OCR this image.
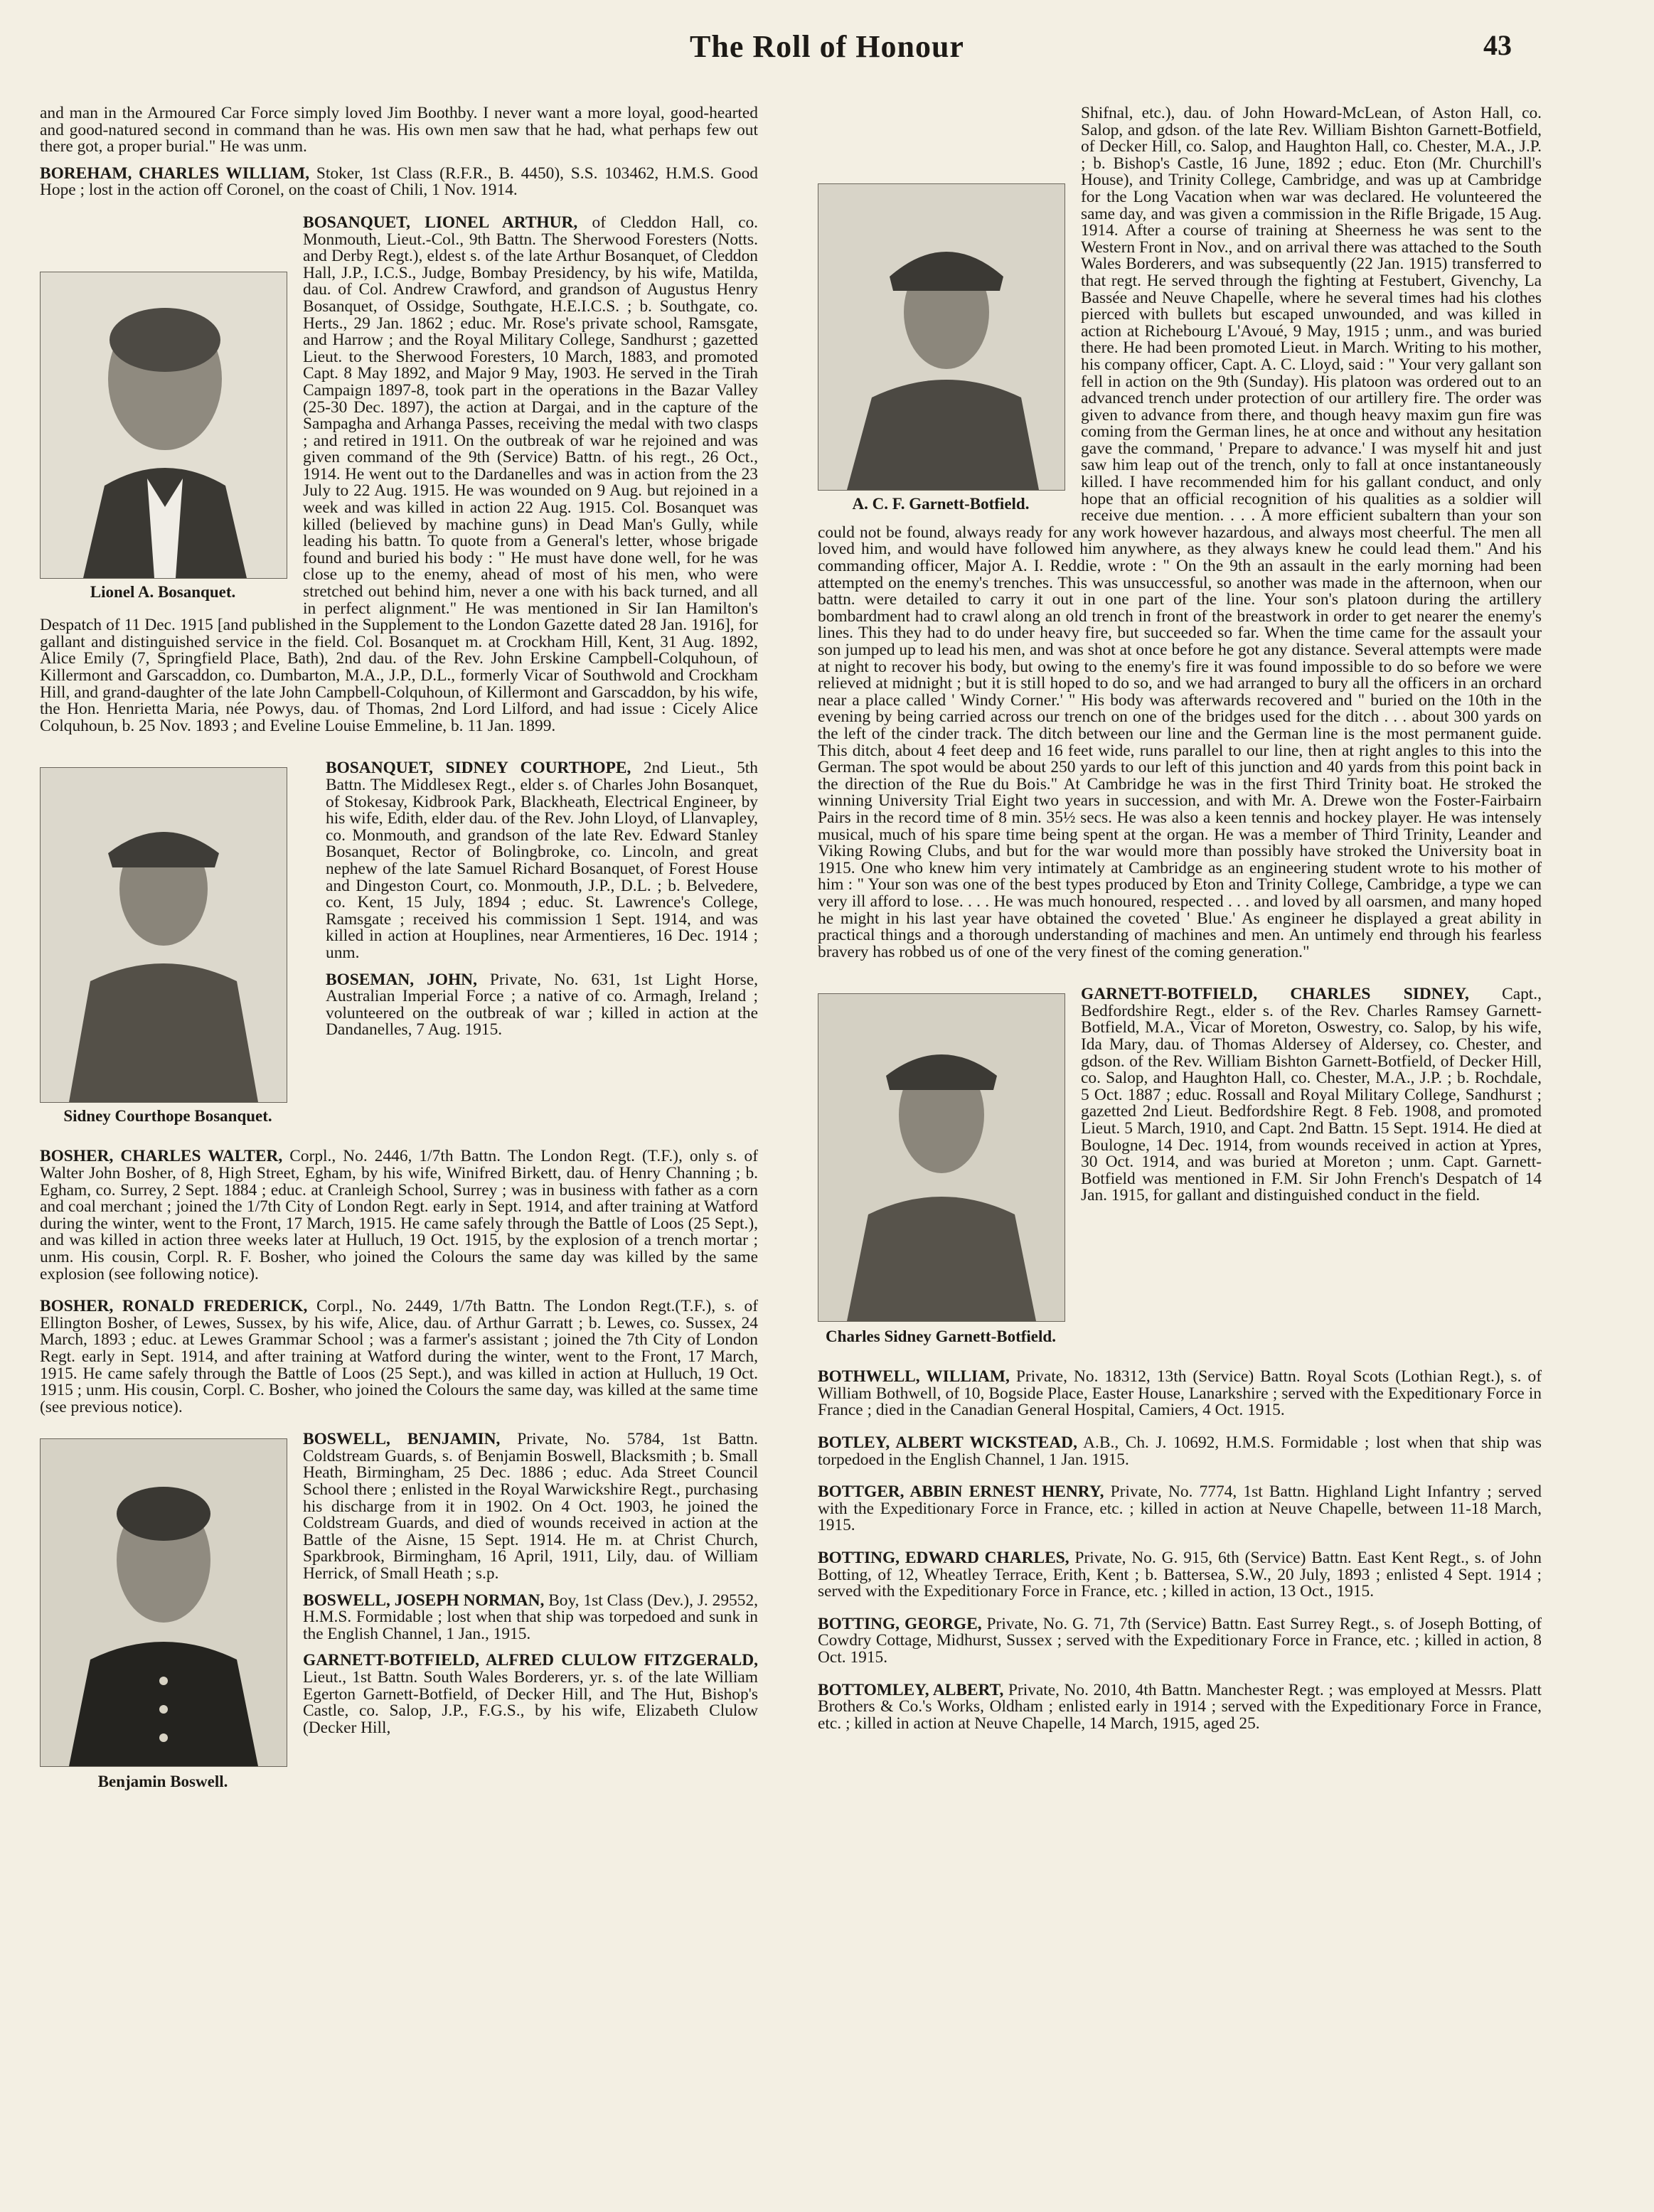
The Roll of Honour	43

and man in the Armoured Car Force simply loved Jim Boothby. I never want a more loyal, good-hearted and good-natured second in command than he was. His own men saw that he had, what perhaps few out there got, a proper burial." He was unm.

BOREHAM, CHARLES WILLIAM, Stoker, 1st Class (R.F.R., B. 4450), S.S. 103462, H.M.S. Good Hope ; lost in the action off Coronel, on the coast of Chili, 1 Nov. 1914.

Lionel A. Bosanquet.

BOSANQUET, LIONEL ARTHUR, of Cleddon Hall, co. Monmouth, Lieut.-Col., 9th Battn. The Sherwood Foresters (Notts. and Derby Regt.), eldest s. of the late Arthur Bosanquet, of Cleddon Hall, J.P., I.C.S., Judge, Bombay Presidency, by his wife, Matilda, dau. of Col. Andrew Crawford, and grandson of Augustus Henry Bosanquet, of Ossidge, Southgate, H.E.I.C.S. ; b. Southgate, co. Herts., 29 Jan. 1862 ; educ. Mr. Rose's private school, Ramsgate, and Harrow ; and the Royal Military College, Sandhurst ; gazetted Lieut. to the Sherwood Foresters, 10 March, 1883, and promoted Capt. 8 May 1892, and Major 9 May, 1903. He served in the Tirah Campaign 1897-8, took part in the operations in the Bazar Valley (25-30 Dec. 1897), the action at Dargai, and in the capture of the Sampagha and Arhanga Passes, receiving the medal with two clasps ; and retired in 1911. On the outbreak of war he rejoined and was given command of the 9th (Service) Battn. of his regt., 26 Oct., 1914. He went out to the Dardanelles and was in action from the 23 July to 22 Aug. 1915. He was wounded on 9 Aug. but rejoined in a week and was killed in action 22 Aug. 1915. Col. Bosanquet was killed (believed by machine guns) in Dead Man's Gully, while leading his battn. To quote from a General's letter, whose brigade found and buried his body : " He must have done well, for he was close up to the enemy, ahead of most of his men, who were stretched out behind him, never a one with his back turned, and all in perfect alignment." He was mentioned in Sir Ian Hamilton's Despatch of 11 Dec. 1915 [and published in the Supplement to the London Gazette dated 28 Jan. 1916], for gallant and distinguished service in the field. Col. Bosanquet m. at Crockham Hill, Kent, 31 Aug. 1892, Alice Emily (7, Springfield Place, Bath), 2nd dau. of the Rev. John Erskine Campbell-Colquhoun, of Killermont and Garscaddon, co. Dumbarton, M.A., J.P., D.L., formerly Vicar of Southwold and Crockham Hill, and grand-daughter of the late John Campbell-Colquhoun, of Killermont and Garscaddon, by his wife, the Hon. Henrietta Maria, née Powys, dau. of Thomas, 2nd Lord Lilford, and had issue : Cicely Alice Colquhoun, b. 25 Nov. 1893 ; and Eveline Louise Emmeline, b. 11 Jan. 1899.

Sidney Courthope Bosanquet.

BOSANQUET, SIDNEY COURTHOPE, 2nd Lieut., 5th Battn. The Middlesex Regt., elder s. of Charles John Bosanquet, of Stokesay, Kidbrook Park, Blackheath, Electrical Engineer, by his wife, Edith, elder dau. of the Rev. John Lloyd, of Llanvapley, co. Monmouth, and grandson of the late Rev. Edward Stanley Bosanquet, Rector of Bolingbroke, co. Lincoln, and great nephew of the late Samuel Richard Bosanquet, of Forest House and Dingeston Court, co. Monmouth, J.P., D.L. ; b. Belvedere, co. Kent, 15 July, 1894 ; educ. St. Lawrence's College, Ramsgate ; received his commission 1 Sept. 1914, and was killed in action at Houplines, near Armentieres, 16 Dec. 1914 ; unm.

BOSEMAN, JOHN, Private, No. 631, 1st Light Horse, Australian Imperial Force ; a native of co. Armagh, Ireland ; volunteered on the outbreak of war ; killed in action at the Dandanelles, 7 Aug. 1915.

BOSHER, CHARLES WALTER, Corpl., No. 2446, 1/7th Battn. The London Regt. (T.F.), only s. of Walter John Bosher, of 8, High Street, Egham, by his wife, Winifred Birkett, dau. of Henry Channing ; b. Egham, co. Surrey, 2 Sept. 1884 ; educ. at Cranleigh School, Surrey ; was in business with father as a corn and coal merchant ; joined the 1/7th City of London Regt. early in Sept. 1914, and after training at Watford during the winter, went to the Front, 17 March, 1915. He came safely through the Battle of Loos (25 Sept.), and was killed in action three weeks later at Hulluch, 19 Oct. 1915, by the explosion of a trench mortar ; unm. His cousin, Corpl. R. F. Bosher, who joined the Colours the same day was killed by the same explosion (see following notice).

BOSHER, RONALD FREDERICK, Corpl., No. 2449, 1/7th Battn. The London Regt.(T.F.), s. of Ellington Bosher, of Lewes, Sussex, by his wife, Alice, dau. of Arthur Garratt ; b. Lewes, co. Sussex, 24 March, 1893 ; educ. at Lewes Grammar School ; was a farmer's assistant ; joined the 7th City of London Regt. early in Sept. 1914, and after training at Watford during the winter, went to the Front, 17 March, 1915. He came safely through the Battle of Loos (25 Sept.), and was killed in action at Hulluch, 19 Oct. 1915 ; unm. His cousin, Corpl. C. Bosher, who joined the Colours the same day, was killed at the same time (see previous notice).

Benjamin Boswell.

BOSWELL, BENJAMIN, Private, No. 5784, 1st Battn. Coldstream Guards, s. of Benjamin Boswell, Blacksmith ; b. Small Heath, Birmingham, 25 Dec. 1886 ; educ. Ada Street Council School there ; enlisted in the Royal Warwickshire Regt., purchasing his discharge from it in 1902. On 4 Oct. 1903, he joined the Coldstream Guards, and died of wounds received in action at the Battle of the Aisne, 15 Sept. 1914. He m. at Christ Church, Sparkbrook, Birmingham, 16 April, 1911, Lily, dau. of William Herrick, of Small Heath ; s.p.

BOSWELL, JOSEPH NORMAN, Boy, 1st Class (Dev.), J. 29552, H.M.S. Formidable ; lost when that ship was torpedoed and sunk in the English Channel, 1 Jan., 1915.

GARNETT-BOTFIELD, ALFRED CLULOW FITZGERALD, Lieut., 1st Battn. South Wales Borderers, yr. s. of the late William Egerton Garnett-Botfield, of Decker Hill, and The Hut, Bishop's Castle, co. Salop, J.P., F.G.S., by his wife, Elizabeth Clulow (Decker Hill,

A. C. F. Garnett-Botfield.

Shifnal, etc.), dau. of John Howard-McLean, of Aston Hall, co. Salop, and gdson. of the late Rev. William Bishton Garnett-Botfield, of Decker Hill, co. Salop, and Haughton Hall, co. Chester, M.A., J.P. ; b. Bishop's Castle, 16 June, 1892 ; educ. Eton (Mr. Churchill's House), and Trinity College, Cambridge, and was up at Cambridge for the Long Vacation when war was declared. He volunteered the same day, and was given a commission in the Rifle Brigade, 15 Aug. 1914. After a course of training at Sheerness he was sent to the Western Front in Nov., and on arrival there was attached to the South Wales Borderers, and was subsequently (22 Jan. 1915) transferred to that regt. He served through the fighting at Festubert, Givenchy, La Bassée and Neuve Chapelle, where he several times had his clothes pierced with bullets but escaped unwounded, and was killed in action at Richebourg L'Avoué, 9 May, 1915 ; unm., and was buried there. He had been promoted Lieut. in March. Writing to his mother, his company officer, Capt. A. C. Lloyd, said : " Your very gallant son fell in action on the 9th (Sunday). His platoon was ordered out to an advanced trench under protection of our artillery fire. The order was given to advance from there, and though heavy maxim gun fire was coming from the German lines, he at once and without any hesitation gave the command, ' Prepare to advance.' I was myself hit and just saw him leap out of the trench, only to fall at once instantaneously killed. I have recommended him for his gallant conduct, and only hope that an official recognition of his qualities as a soldier will receive due mention. . . . A more efficient subaltern than your son could not be found, always ready for any work however hazardous, and always most cheerful. The men all loved him, and would have followed him anywhere, as they always knew he could lead them." And his commanding officer, Major A. I. Reddie, wrote : " On the 9th an assault in the early morning had been attempted on the enemy's trenches. This was unsuccessful, so another was made in the afternoon, when our battn. were detailed to carry it out in one part of the line. Your son's platoon during the artillery bombardment had to crawl along an old trench in front of the breastwork in order to get nearer the enemy's lines. This they had to do under heavy fire, but succeeded so far. When the time came for the assault your son jumped up to lead his men, and was shot at once before he got any distance. Several attempts were made at night to recover his body, but owing to the enemy's fire it was found impossible to do so before we were relieved at midnight ; but it is still hoped to do so, and we had arranged to bury all the officers in an orchard near a place called ' Windy Corner.' " His body was afterwards recovered and " buried on the 10th in the evening by being carried across our trench on one of the bridges used for the ditch . . . about 300 yards on the left of the cinder track. The ditch between our line and the German line is the most permanent guide. This ditch, about 4 feet deep and 16 feet wide, runs parallel to our line, then at right angles to this into the German. The spot would be about 250 yards to our left of this junction and 40 yards from this point back in the direction of the Rue du Bois." At Cambridge he was in the first Third Trinity boat. He stroked the winning University Trial Eight two years in succession, and with Mr. A. Drewe won the Foster-Fairbairn Pairs in the record time of 8 min. 35½ secs. He was also a keen tennis and hockey player. He was intensely musical, much of his spare time being spent at the organ. He was a member of Third Trinity, Leander and Viking Rowing Clubs, and but for the war would more than possibly have stroked the University boat in 1915. One who knew him very intimately at Cambridge as an engineering student wrote to his mother of him : " Your son was one of the best types produced by Eton and Trinity College, Cambridge, a type we can very ill afford to lose. . . . He was much honoured, respected . . . and loved by all oarsmen, and many hoped he might in his last year have obtained the coveted ' Blue.' As engineer he displayed a great ability in practical things and a thorough understanding of machines and men. An untimely end through his fearless bravery has robbed us of one of the very finest of the coming generation."

Charles Sidney Garnett-Botfield.

GARNETT-BOTFIELD, CHARLES SIDNEY, Capt., Bedfordshire Regt., elder s. of the Rev. Charles Ramsey Garnett-Botfield, M.A., Vicar of Moreton, Oswestry, co. Salop, by his wife, Ida Mary, dau. of Thomas Aldersey of Aldersey, co. Chester, and gdson. of the Rev. William Bishton Garnett-Botfield, of Decker Hill, co. Salop, and Haughton Hall, co. Chester, M.A., J.P. ; b. Rochdale, 5 Oct. 1887 ; educ. Rossall and Royal Military College, Sandhurst ; gazetted 2nd Lieut. Bedfordshire Regt. 8 Feb. 1908, and promoted Lieut. 5 March, 1910, and Capt. 2nd Battn. 15 Sept. 1914. He died at Boulogne, 14 Dec. 1914, from wounds received in action at Ypres, 30 Oct. 1914, and was buried at Moreton ; unm. Capt. Garnett-Botfield was mentioned in F.M. Sir John French's Despatch of 14 Jan. 1915, for gallant and distinguished conduct in the field.

BOTHWELL, WILLIAM, Private, No. 18312, 13th (Service) Battn. Royal Scots (Lothian Regt.), s. of William Bothwell, of 10, Bogside Place, Easter House, Lanarkshire ; served with the Expeditionary Force in France ; died in the Canadian General Hospital, Camiers, 4 Oct. 1915.

BOTLEY, ALBERT WICKSTEAD, A.B., Ch. J. 10692, H.M.S. Formidable ; lost when that ship was torpedoed in the English Channel, 1 Jan. 1915.

BOTTGER, ABBIN ERNEST HENRY, Private, No. 7774, 1st Battn. Highland Light Infantry ; served with the Expeditionary Force in France, etc. ; killed in action at Neuve Chapelle, between 11-18 March, 1915.

BOTTING, EDWARD CHARLES, Private, No. G. 915, 6th (Service) Battn. East Kent Regt., s. of John Botting, of 12, Wheatley Terrace, Erith, Kent ; b. Battersea, S.W., 20 July, 1893 ; enlisted 4 Sept. 1914 ; served with the Expeditionary Force in France, etc. ; killed in action, 13 Oct., 1915.

BOTTING, GEORGE, Private, No. G. 71, 7th (Service) Battn. East Surrey Regt., s. of Joseph Botting, of Cowdry Cottage, Midhurst, Sussex ; served with the Expeditionary Force in France, etc. ; killed in action, 8 Oct. 1915.

BOTTOMLEY, ALBERT, Private, No. 2010, 4th Battn. Manchester Regt. ; was employed at Messrs. Platt Brothers & Co.'s Works, Oldham ; enlisted early in 1914 ; served with the Expeditionary Force in France, etc. ; killed in action at Neuve Chapelle, 14 March, 1915, aged 25.
